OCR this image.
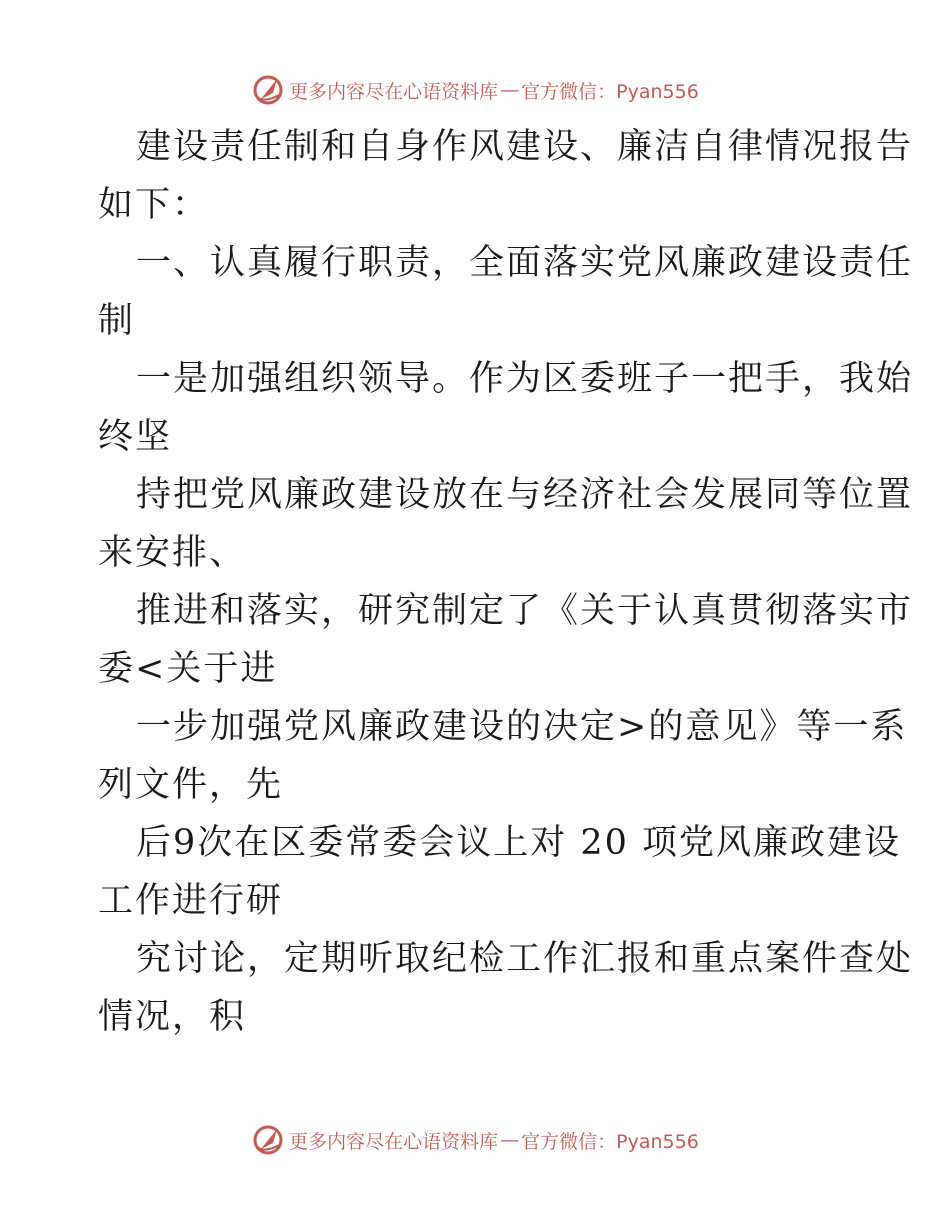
更多内容尽在心语资料库 — 官方微信：Pyan556
建设责任制和自身作风建设、廉洁自律情况报告
如下：
一、认真履行职责，全面落实党风廉政建设责任
制
一是加强组织领导。作为区委班子一把手，我始
终坚
持把党风廉政建设放在与经济社会发展同等位置
来安排、
推进和落实，研究制定了《关于认真贯彻落实市
委<关于进
一步加强党风廉政建设的决定>的意见》等一系
列文件，先
后9次在区委常委会议上对 20 项党风廉政建设
工作进行研
究讨论，定期听取纪检工作汇报和重点案件查处
情况，积
更多内容尽在心语资料库 — 官方微信：Pyan556
